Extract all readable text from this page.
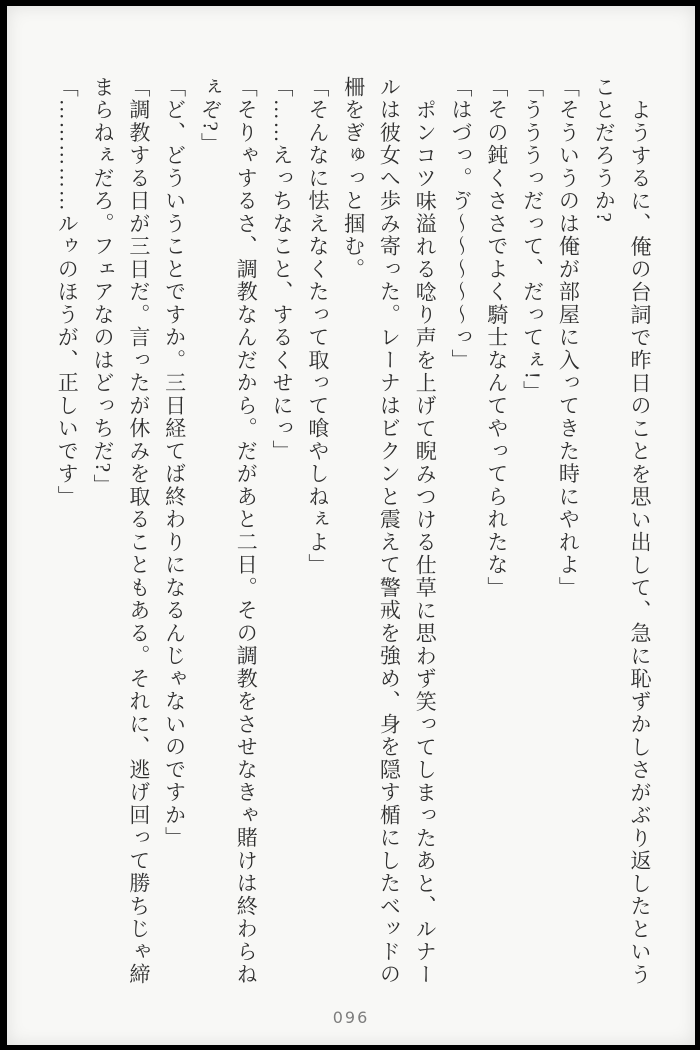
ようするに、俺の台詞で昨日のことを思い出して、急に恥ずかしさがぶり返したという
ことだろうか?
「そういうのは俺が部屋に入ってきた時にやれよ」
「うううっだって、だってぇ!」
「その鈍くささでよく騎士なんてやってられたな」
「はづっ。ゔ〜〜〜〜〜っ」
ポンコツ味溢れる唸り声を上げて睨みつける仕草に思わず笑ってしまったあと、ルナー
ルは彼女へ歩み寄った。レーナはビクンと震えて警戒を強め、身を隠す楯にしたベッドの
柵をぎゅっと掴む。
「そんなに怯えなくたって取って喰やしねぇよ」
「……えっちなこと、するくせにっ」
「そりゃするさ、調教なんだから。だがあと二日。その調教をさせなきゃ賭けは終わらね
ぇぞ?」
「ど、どういうことですか。三日経てば終わりになるんじゃないのですか」
「調教する日が三日だ。言ったが休みを取ることもある。それに、逃げ回って勝ちじゃ締
まらねぇだろ。フェアなのはどっちだ?」
「……………ルゥのほうが、正しいです」
096
